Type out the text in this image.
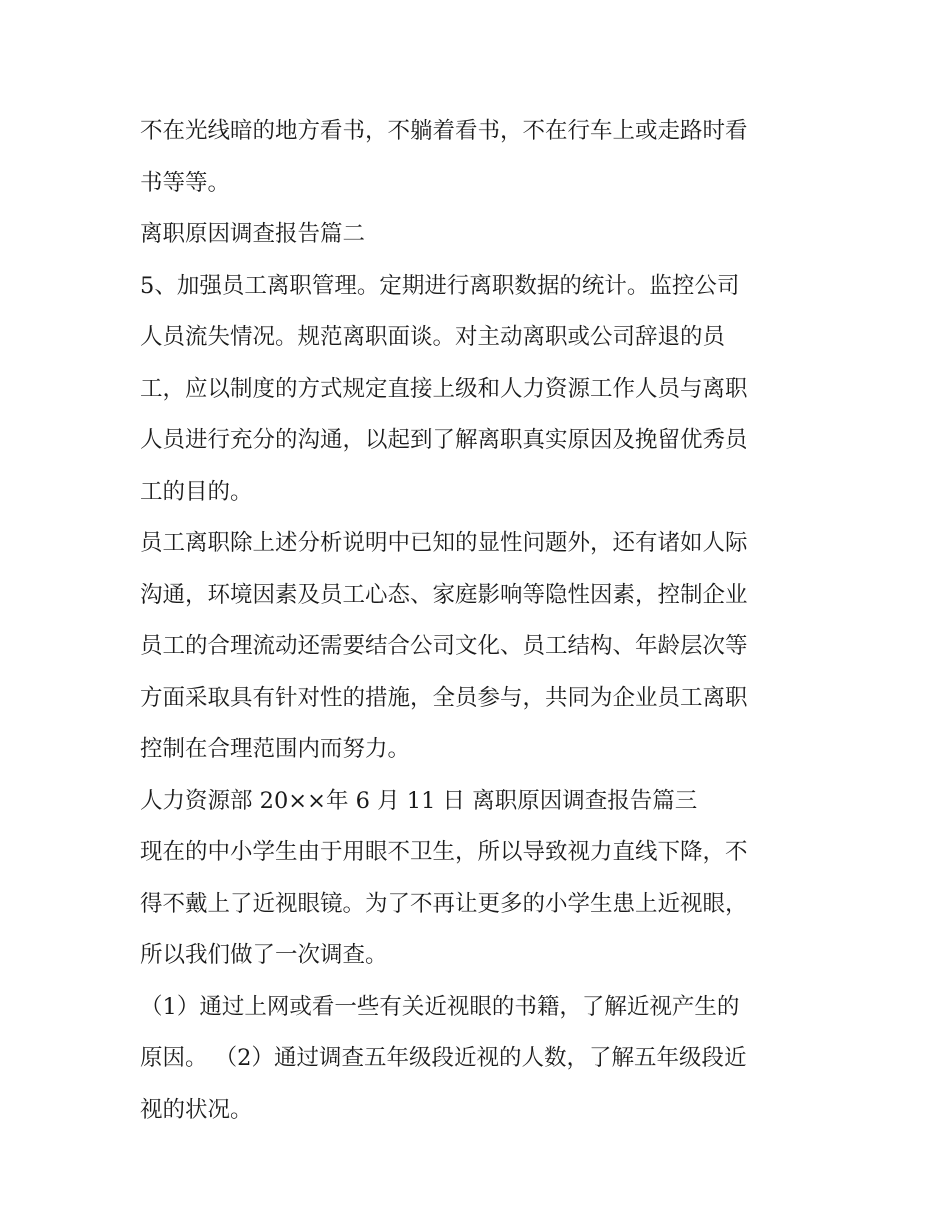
不在光线暗的地方看书，不躺着看书，不在行车上或走路时看
书等等。
离职原因调查报告篇二
5、加强员工离职管理。定期进行离职数据的统计。监控公司
人员流失情况。规范离职面谈。对主动离职或公司辞退的员
工，应以制度的方式规定直接上级和人力资源工作人员与离职
人员进行充分的沟通，以起到了解离职真实原因及挽留优秀员
工的目的。
员工离职除上述分析说明中已知的显性问题外，还有诸如人际
沟通，环境因素及员工心态、家庭影响等隐性因素，控制企业
员工的合理流动还需要结合公司文化、员工结构、年龄层次等
方面采取具有针对性的措施，全员参与，共同为企业员工离职
控制在合理范围内而努力。
人力资源部 20××年 6 月 11 日 离职原因调查报告篇三
现在的中小学生由于用眼不卫生，所以导致视力直线下降，不
得不戴上了近视眼镜。为了不再让更多的小学生患上近视眼，
所以我们做了一次调查。
（1）通过上网或看一些有关近视眼的书籍，了解近视产生的
原因。 （2）通过调查五年级段近视的人数，了解五年级段近
视的状况。
